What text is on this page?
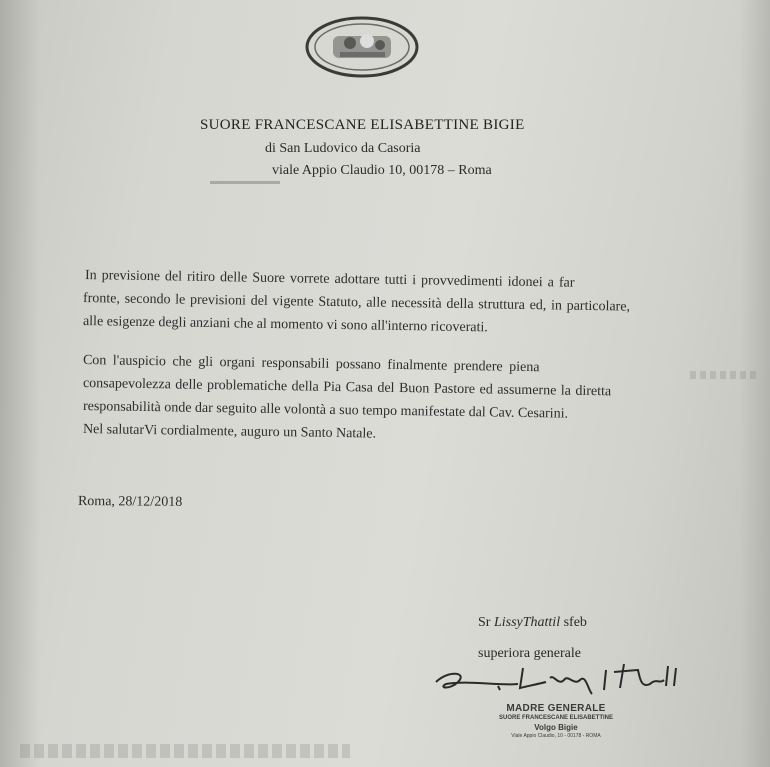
SUORE FRANCESCANE ELISABETTINE BIGIE
di San Ludovico da Casoria
viale Appio Claudio 10, 00178 – Roma
In previsione del ritiro delle Suore vorrete adottare tutti i provvedimenti idonei a far
fronte, secondo le previsioni del vigente Statuto, alle necessità della struttura ed, in particolare,
alle esigenze degli anziani che al momento vi sono all'interno ricoverati.
Con l'auspicio che gli organi responsabili possano finalmente prendere piena
consapevolezza delle problematiche della Pia Casa del Buon Pastore ed assumerne la diretta
responsabilità onde dar seguito alle volontà a suo tempo manifestate dal Cav. Cesarini.
Nel salutarVi cordialmente, auguro un Santo Natale.
Roma, 28/12/2018
Sr LissyThattil sfeb
superiora generale
MADRE GENERALE
SUORE FRANCESCANE ELISABETTINE
Volgo Bigie
Viale Appio Claudio, 10 - 00178 - ROMA
